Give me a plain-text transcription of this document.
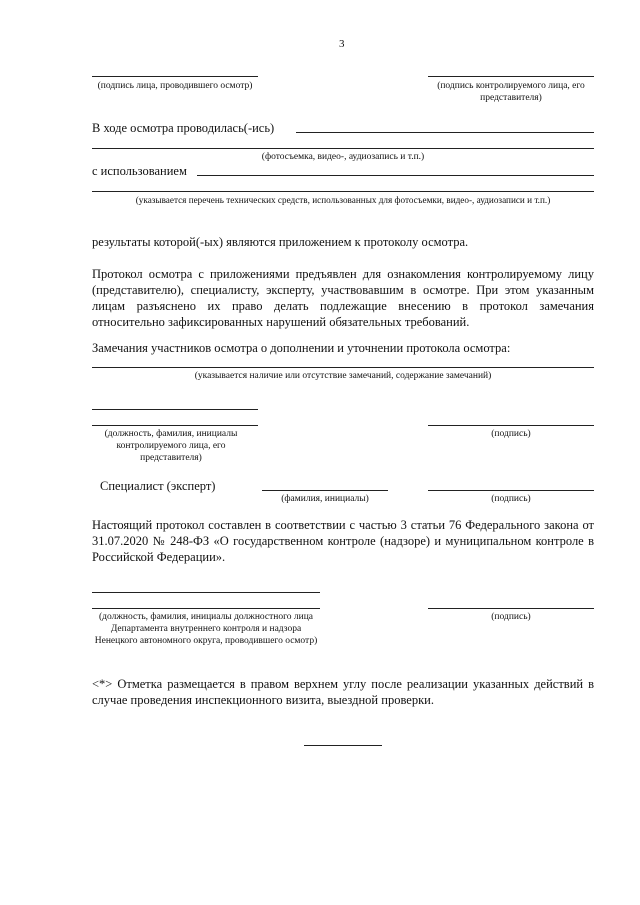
3
(подпись лица, проводившего осмотр)	(подпись контролируемого лица, его представителя)
В ходе осмотра проводилась(-ись)
(фотосъемка, видео-, аудиозапись и т.п.)
с использованием
(указывается перечень технических средств, использованных для фотосъемки, видео-, аудиозаписи и т.п.)
результаты которой(-ых) являются приложением к протоколу осмотра.
Протокол осмотра с приложениями предъявлен для ознакомления контролируемому лицу (представителю), специалисту, эксперту, участвовавшим в осмотре. При этом указанным лицам разъяснено их право делать подлежащие внесению в протокол замечания относительно зафиксированных нарушений обязательных требований.
Замечания участников осмотра о дополнении и уточнении протокола осмотра:
(указывается наличие или отсутствие замечаний, содержание замечаний)
(должность, фамилия, инициалы контролируемого лица, его представителя)
(подпись)
Специалист (эксперт)
(фамилия, инициалы)	(подпись)
Настоящий протокол составлен в соответствии с частью 3 статьи 76 Федерального закона от 31.07.2020 № 248-ФЗ «О государственном контроле (надзоре) и муниципальном контроле в Российской Федерации».
(должность, фамилия, инициалы должностного лица Департамента внутреннего контроля и надзора Ненецкого автономного округа, проводившего осмотр)
(подпись)
<*> Отметка размещается в правом верхнем углу после реализации указанных действий в случае проведения инспекционного визита, выездной проверки.
